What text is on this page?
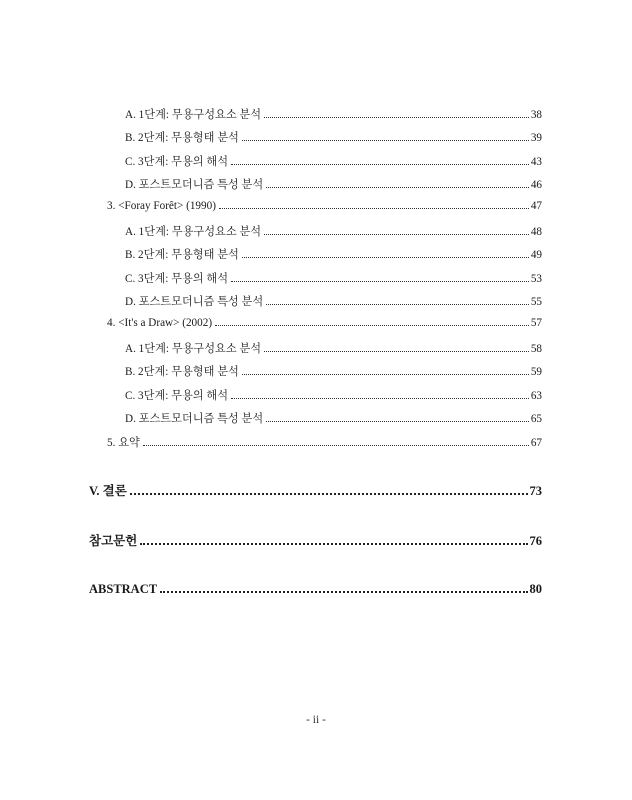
A. 1단계: 무용구성요소 분석	38
B. 2단계: 무용형태 분석	39
C. 3단계: 무용의 해석	43
D. 포스트모더니즘 특성 분석	46
3. <Foray Forêt> (1990)	47
A. 1단계: 무용구성요소 분석	48
B. 2단계: 무용형태 분석	49
C. 3단계: 무용의 해석	53
D. 포스트모더니즘 특성 분석	55
4. <It's a Draw> (2002)	57
A. 1단계: 무용구성요소 분석	58
B. 2단계: 무용형태 분석	59
C. 3단계: 무용의 해석	63
D. 포스트모더니즘 특성 분석	65
5. 요약	67
V. 결론	73
참고문헌	76
ABSTRACT	80
- ii -
